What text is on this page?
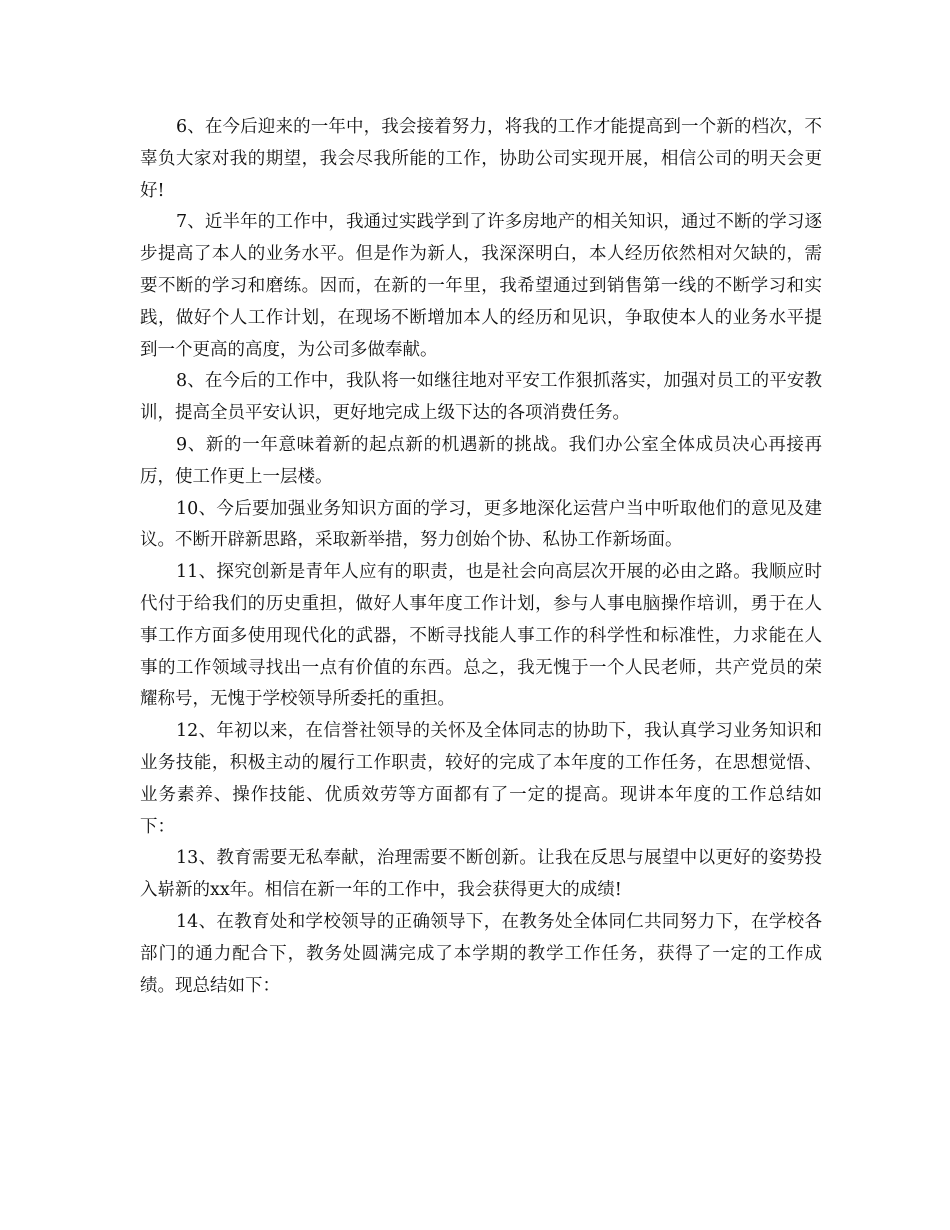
6、在今后迎来的一年中，我会接着努力，将我的工作才能提高到一个新的档次，不辜负大家对我的期望，我会尽我所能的工作，协助公司实现开展，相信公司的明天会更好!

7、近半年的工作中，我通过实践学到了许多房地产的相关知识，通过不断的学习逐步提高了本人的业务水平。但是作为新人，我深深明白，本人经历依然相对欠缺的，需要不断的学习和磨练。因而，在新的一年里，我希望通过到销售第一线的不断学习和实践，做好个人工作计划，在现场不断增加本人的经历和见识，争取使本人的业务水平提到一个更高的高度，为公司多做奉献。

8、在今后的工作中，我队将一如继往地对平安工作狠抓落实，加强对员工的平安教训，提高全员平安认识，更好地完成上级下达的各项消费任务。

9、新的一年意味着新的起点新的机遇新的挑战。我们办公室全体成员决心再接再厉，使工作更上一层楼。

10、今后要加强业务知识方面的学习，更多地深化运营户当中听取他们的意见及建议。不断开辟新思路，采取新举措，努力创始个协、私协工作新场面。

11、探究创新是青年人应有的职责，也是社会向高层次开展的必由之路。我顺应时代付于给我们的历史重担，做好人事年度工作计划，参与人事电脑操作培训，勇于在人事工作方面多使用现代化的武器，不断寻找能人事工作的科学性和标准性，力求能在人事的工作领域寻找出一点有价值的东西。总之，我无愧于一个人民老师，共产党员的荣耀称号，无愧于学校领导所委托的重担。

12、年初以来，在信誉社领导的关怀及全体同志的协助下，我认真学习业务知识和业务技能，积极主动的履行工作职责，较好的完成了本年度的工作任务，在思想觉悟、业务素养、操作技能、优质效劳等方面都有了一定的提高。现讲本年度的工作总结如下：

13、教育需要无私奉献，治理需要不断创新。让我在反思与展望中以更好的姿势投入崭新的xx年。相信在新一年的工作中，我会获得更大的成绩!

14、在教育处和学校领导的正确领导下，在教务处全体同仁共同努力下，在学校各部门的通力配合下，教务处圆满完成了本学期的教学工作任务，获得了一定的工作成绩。现总结如下：
